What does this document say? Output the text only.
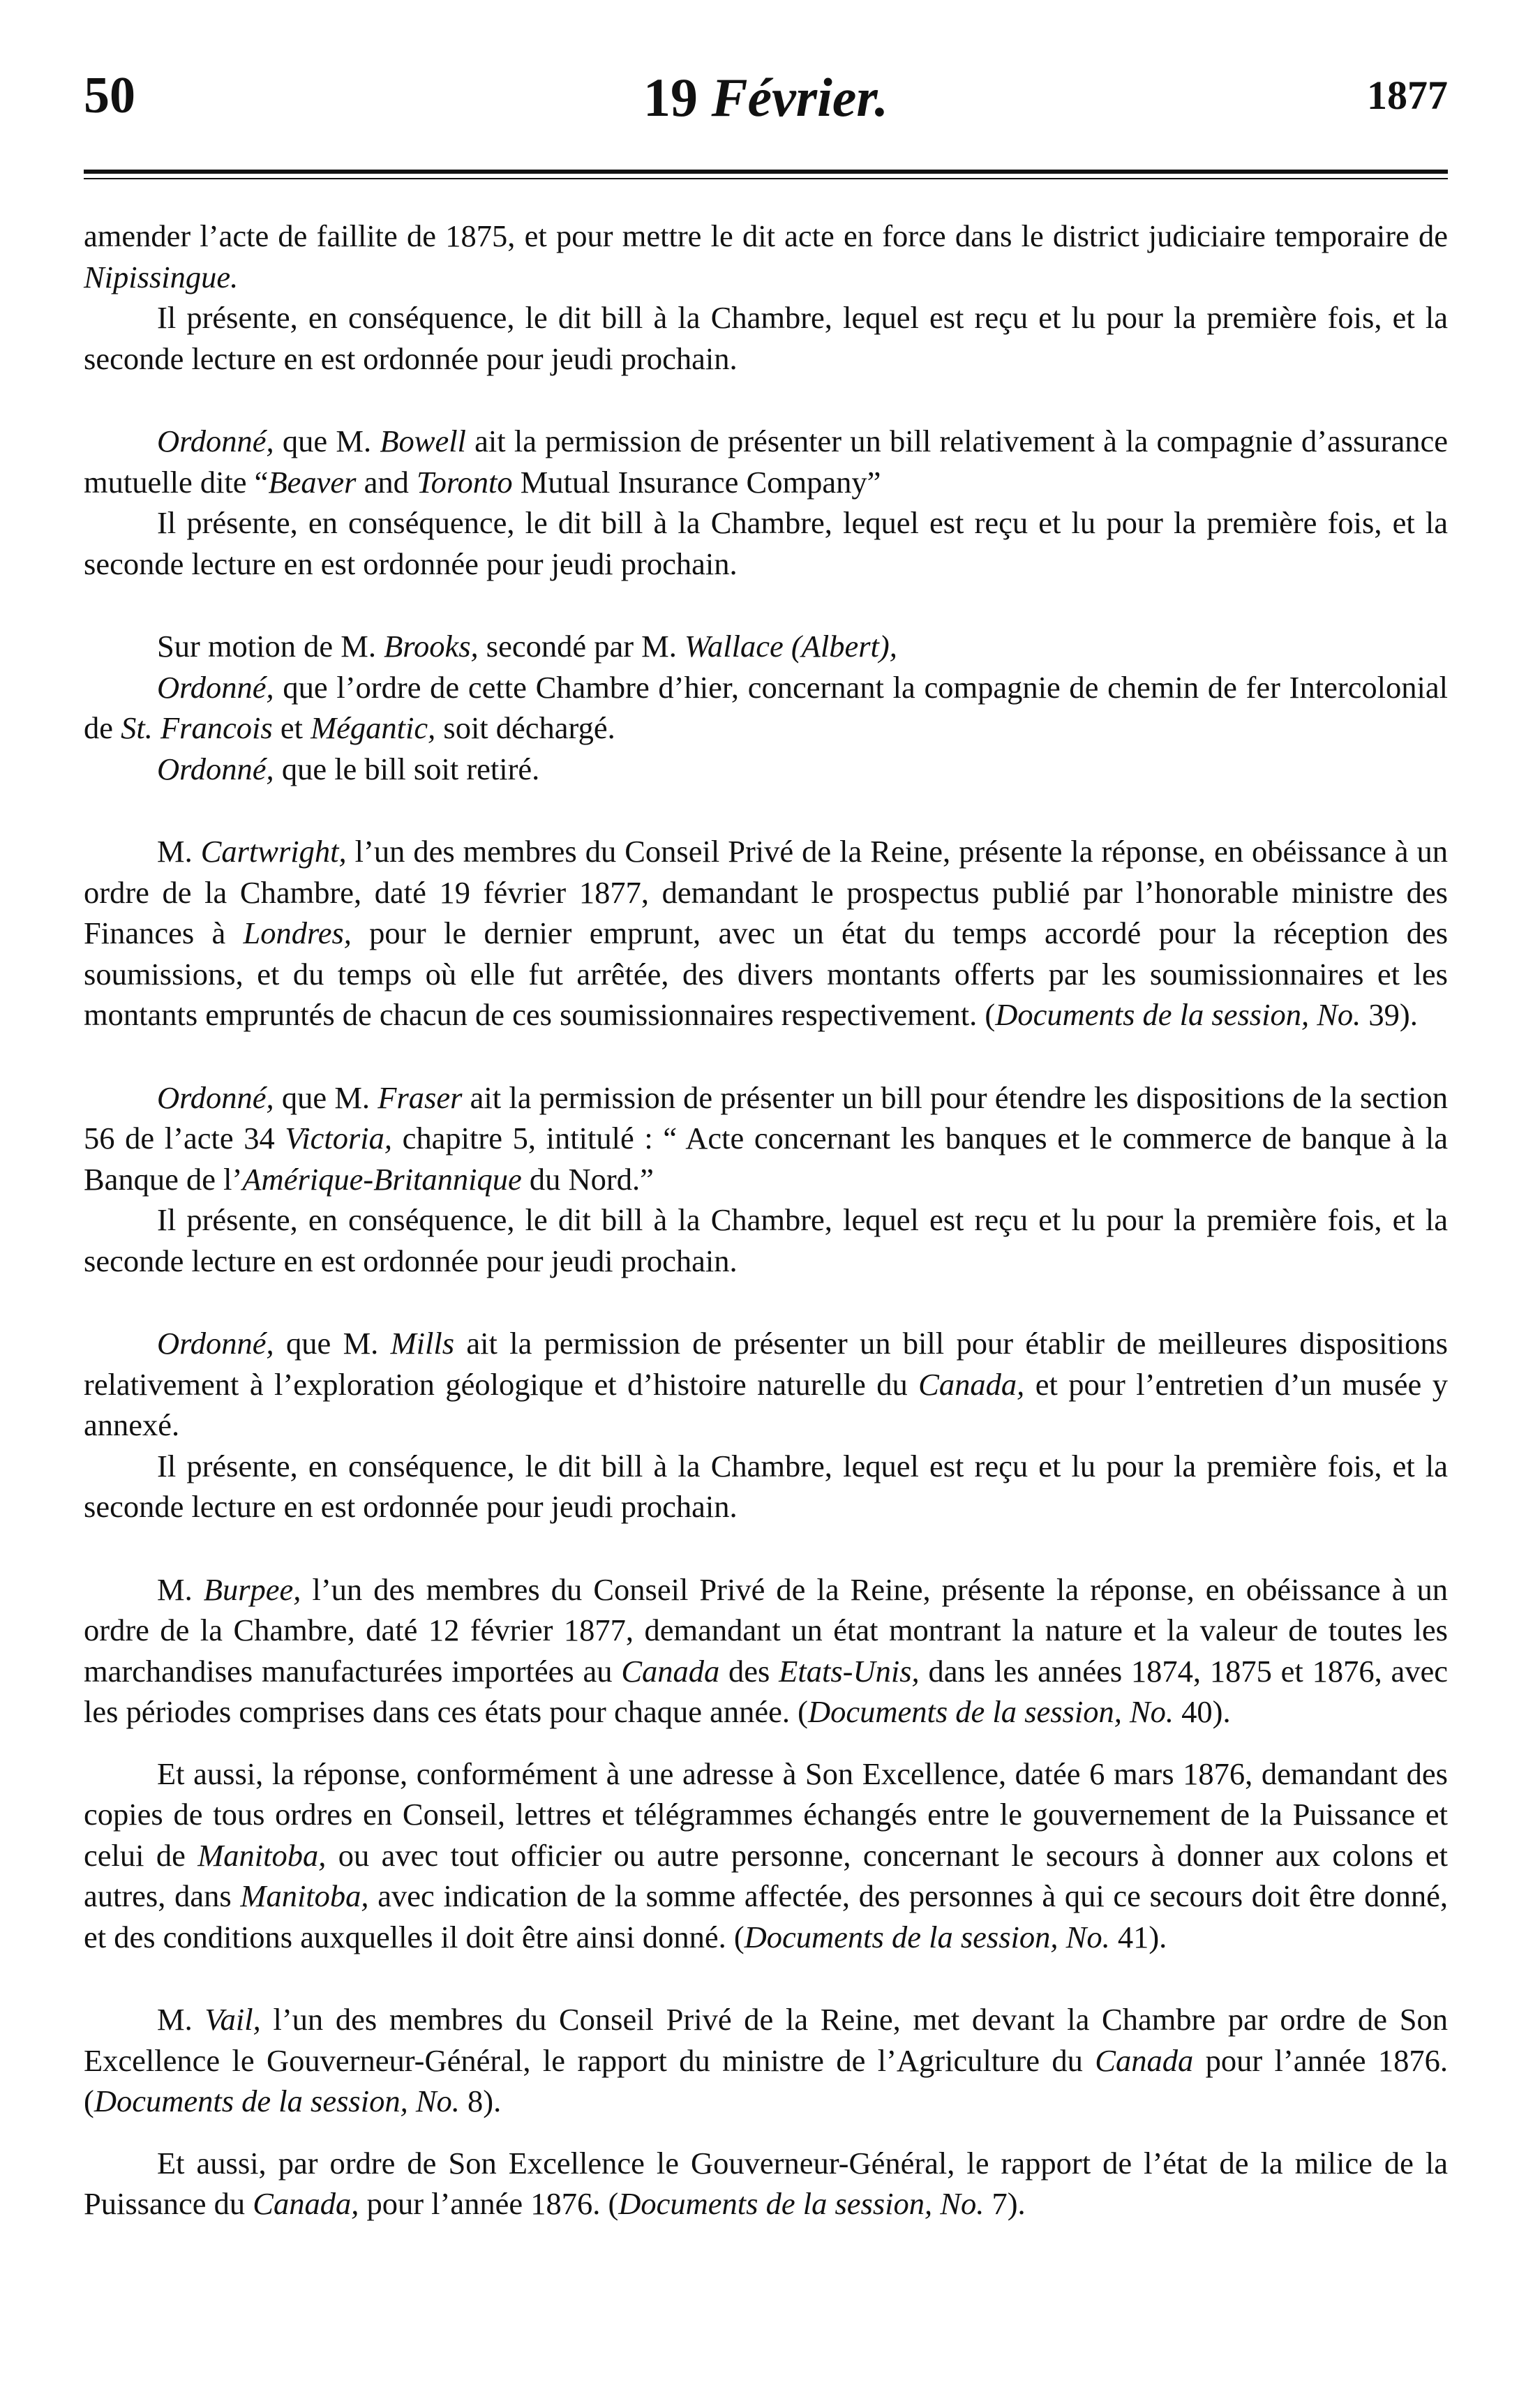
50	19 Février.	1877

amender l’acte de faillite de 1875, et pour mettre le dit acte en force dans le district judiciaire temporaire de Nipissingue.

Il présente, en conséquence, le dit bill à la Chambre, lequel est reçu et lu pour la première fois, et la seconde lecture en est ordonnée pour jeudi prochain.

Ordonné, que M. Bowell ait la permission de présenter un bill relativement à la compagnie d’assurance mutuelle dite “Beaver and Toronto Mutual Insurance Company”

Il présente, en conséquence, le dit bill à la Chambre, lequel est reçu et lu pour la première fois, et la seconde lecture en est ordonnée pour jeudi prochain.

Sur motion de M. Brooks, secondé par M. Wallace (Albert),

Ordonné, que l’ordre de cette Chambre d’hier, concernant la compagnie de chemin de fer Intercolonial de St. Francois et Mégantic, soit déchargé.

Ordonné, que le bill soit retiré.

M. Cartwright, l’un des membres du Conseil Privé de la Reine, présente la réponse, en obéissance à un ordre de la Chambre, daté 19 février 1877, demandant le prospectus publié par l’honorable ministre des Finances à Londres, pour le dernier emprunt, avec un état du temps accordé pour la réception des soumissions, et du temps où elle fut arrêtée, des divers montants offerts par les soumissionnaires et les montants empruntés de chacun de ces soumissionnaires respectivement. (Documents de la session, No. 39).

Ordonné, que M. Fraser ait la permission de présenter un bill pour étendre les dispositions de la section 56 de l’acte 34 Victoria, chapitre 5, intitulé : “ Acte concernant les banques et le commerce de banque à la Banque de l’Amérique-Britannique du Nord.”

Il présente, en conséquence, le dit bill à la Chambre, lequel est reçu et lu pour la première fois, et la seconde lecture en est ordonnée pour jeudi prochain.

Ordonné, que M. Mills ait la permission de présenter un bill pour établir de meilleures dispositions relativement à l’exploration géologique et d’histoire naturelle du Canada, et pour l’entretien d’un musée y annexé.

Il présente, en conséquence, le dit bill à la Chambre, lequel est reçu et lu pour la première fois, et la seconde lecture en est ordonnée pour jeudi prochain.

M. Burpee, l’un des membres du Conseil Privé de la Reine, présente la réponse, en obéissance à un ordre de la Chambre, daté 12 février 1877, demandant un état montrant la nature et la valeur de toutes les marchandises manufacturées importées au Canada des Etats-Unis, dans les années 1874, 1875 et 1876, avec les périodes comprises dans ces états pour chaque année. (Documents de la session, No. 40).

Et aussi, la réponse, conformément à une adresse à Son Excellence, datée 6 mars 1876, demandant des copies de tous ordres en Conseil, lettres et télégrammes échangés entre le gouvernement de la Puissance et celui de Manitoba, ou avec tout officier ou autre personne, concernant le secours à donner aux colons et autres, dans Manitoba, avec indication de la somme affectée, des personnes à qui ce secours doit être donné, et des conditions auxquelles il doit être ainsi donné. (Documents de la session, No. 41).

M. Vail, l’un des membres du Conseil Privé de la Reine, met devant la Chambre par ordre de Son Excellence le Gouverneur-Général, le rapport du ministre de l’Agriculture du Canada pour l’année 1876. (Documents de la session, No. 8).

Et aussi, par ordre de Son Excellence le Gouverneur-Général, le rapport de l’état de la milice de la Puissance du Canada, pour l’année 1876. (Documents de la session, No. 7).
